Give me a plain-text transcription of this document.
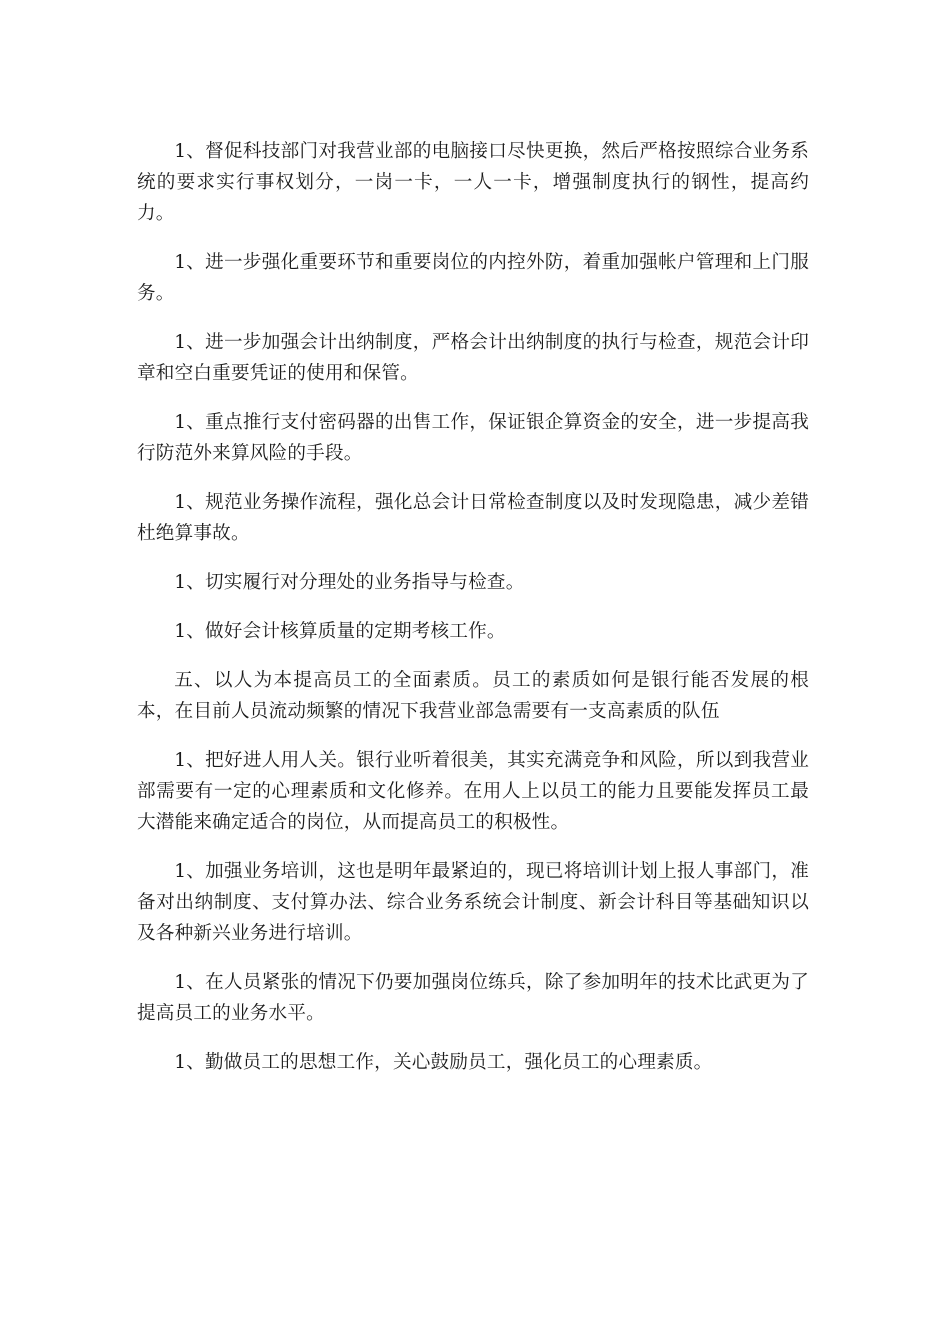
1、督促科技部门对我营业部的电脑接口尽快更换，然后严格按照综合业务系统的要求实行事权划分，一岗一卡，一人一卡，增强制度执行的钢性，提高约力。

1、进一步强化重要环节和重要岗位的内控外防，着重加强帐户管理和上门服务。

1、进一步加强会计出纳制度，严格会计出纳制度的执行与检查，规范会计印章和空白重要凭证的使用和保管。

1、重点推行支付密码器的出售工作，保证银企算资金的安全，进一步提高我行防范外来算风险的手段。

1、规范业务操作流程，强化总会计日常检查制度以及时发现隐患，减少差错杜绝算事故。

1、切实履行对分理处的业务指导与检查。

1、做好会计核算质量的定期考核工作。

五、以人为本提高员工的全面素质。员工的素质如何是银行能否发展的根本，在目前人员流动频繁的情况下我营业部急需要有一支高素质的队伍

1、把好进人用人关。银行业听着很美，其实充满竞争和风险，所以到我营业部需要有一定的心理素质和文化修养。在用人上以员工的能力且要能发挥员工最大潜能来确定适合的岗位，从而提高员工的积极性。

1、加强业务培训，这也是明年最紧迫的，现已将培训计划上报人事部门，准备对出纳制度、支付算办法、综合业务系统会计制度、新会计科目等基础知识以及各种新兴业务进行培训。

1、在人员紧张的情况下仍要加强岗位练兵，除了参加明年的技术比武更为了提高员工的业务水平。

1、勤做员工的思想工作，关心鼓励员工，强化员工的心理素质。
